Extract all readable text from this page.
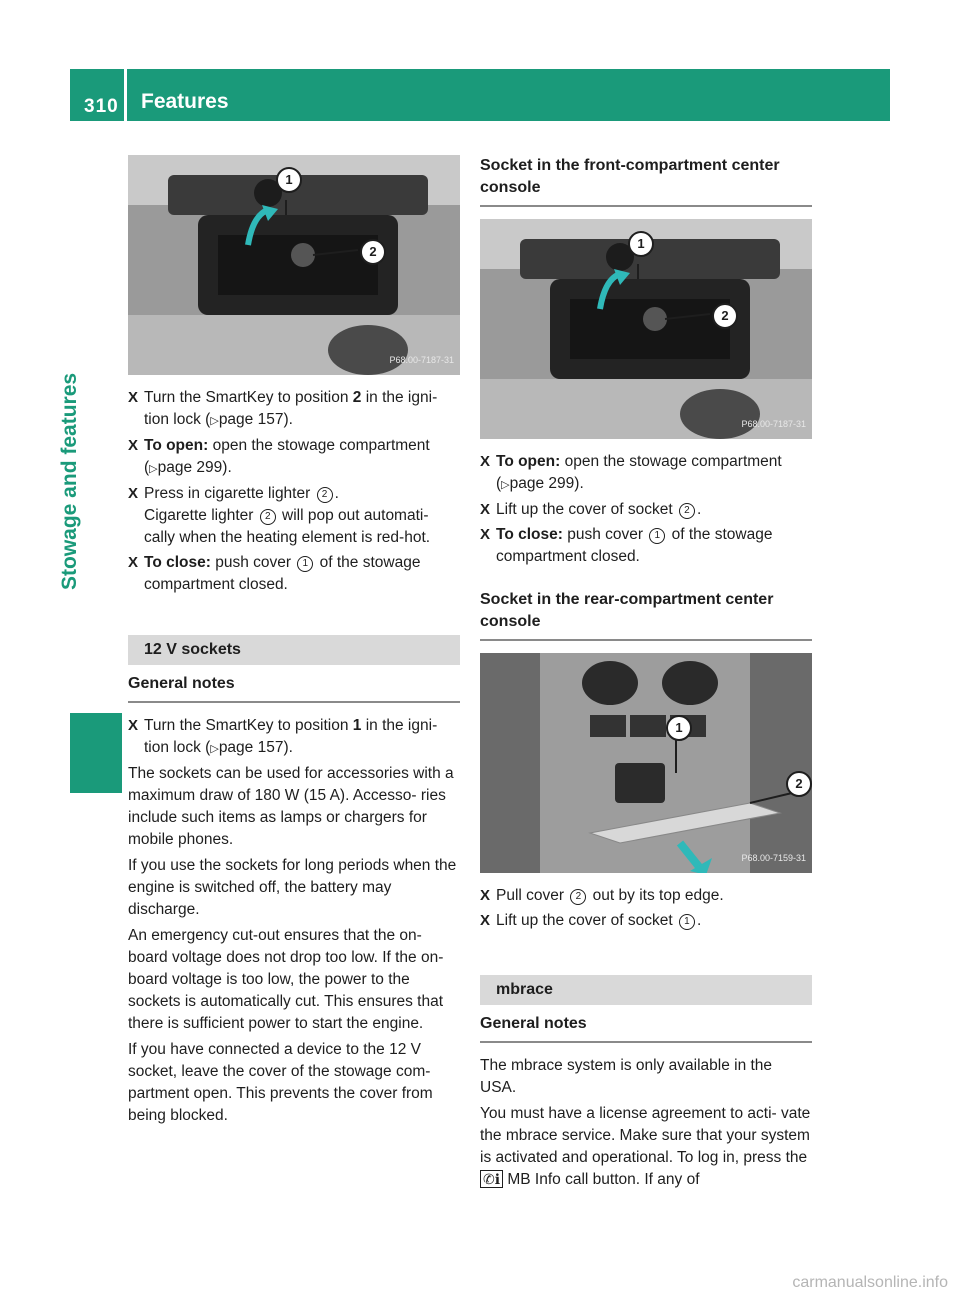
310 Features
Stowage and features
1
2
P68.00-7187-31
X Turn the SmartKey to position 2 in the igni- tion lock (▷page 157).
X To open: open the stowage compartment (▷page 299).
X Press in cigarette lighter 2 .
Cigarette lighter 2 will pop out automati- cally when the heating element is red-hot.
X To close: push cover 1 of the stowage compartment closed.
12 V sockets
General notes
X Turn the SmartKey to position 1 in the igni- tion lock (▷page 157).

The sockets can be used for accessories with a maximum draw of 180 W (15 A). Accesso- ries include such items as lamps or chargers for mobile phones.

If you use the sockets for long periods when the engine is switched off, the battery may discharge.

An emergency cut-out ensures that the on- board voltage does not drop too low. If the on- board voltage is too low, the power to the sockets is automatically cut. This ensures that there is sufficient power to start the engine.

If you have connected a device to the 12 V socket, leave the cover of the stowage com- partment open. This prevents the cover from being blocked.

Socket in the front-compartment center console
1
2
P68.00-7187-31
X To open: open the stowage compartment (▷page 299).
X Lift up the cover of socket 2 .
X To close: push cover 1 of the stowage compartment closed.
Socket in the rear-compartment center console
1
2
P68.00-7159-31
X Pull cover 2 out by its top edge.
X Lift up the cover of socket 1 .
mbrace
General notes

The mbrace system is only available in the USA.

You must have a license agreement to acti- vate the mbrace service. Make sure that your system is activated and operational. To log in, press the ✆ℹ MB Info call button. If any of

carmanualsonline.info
